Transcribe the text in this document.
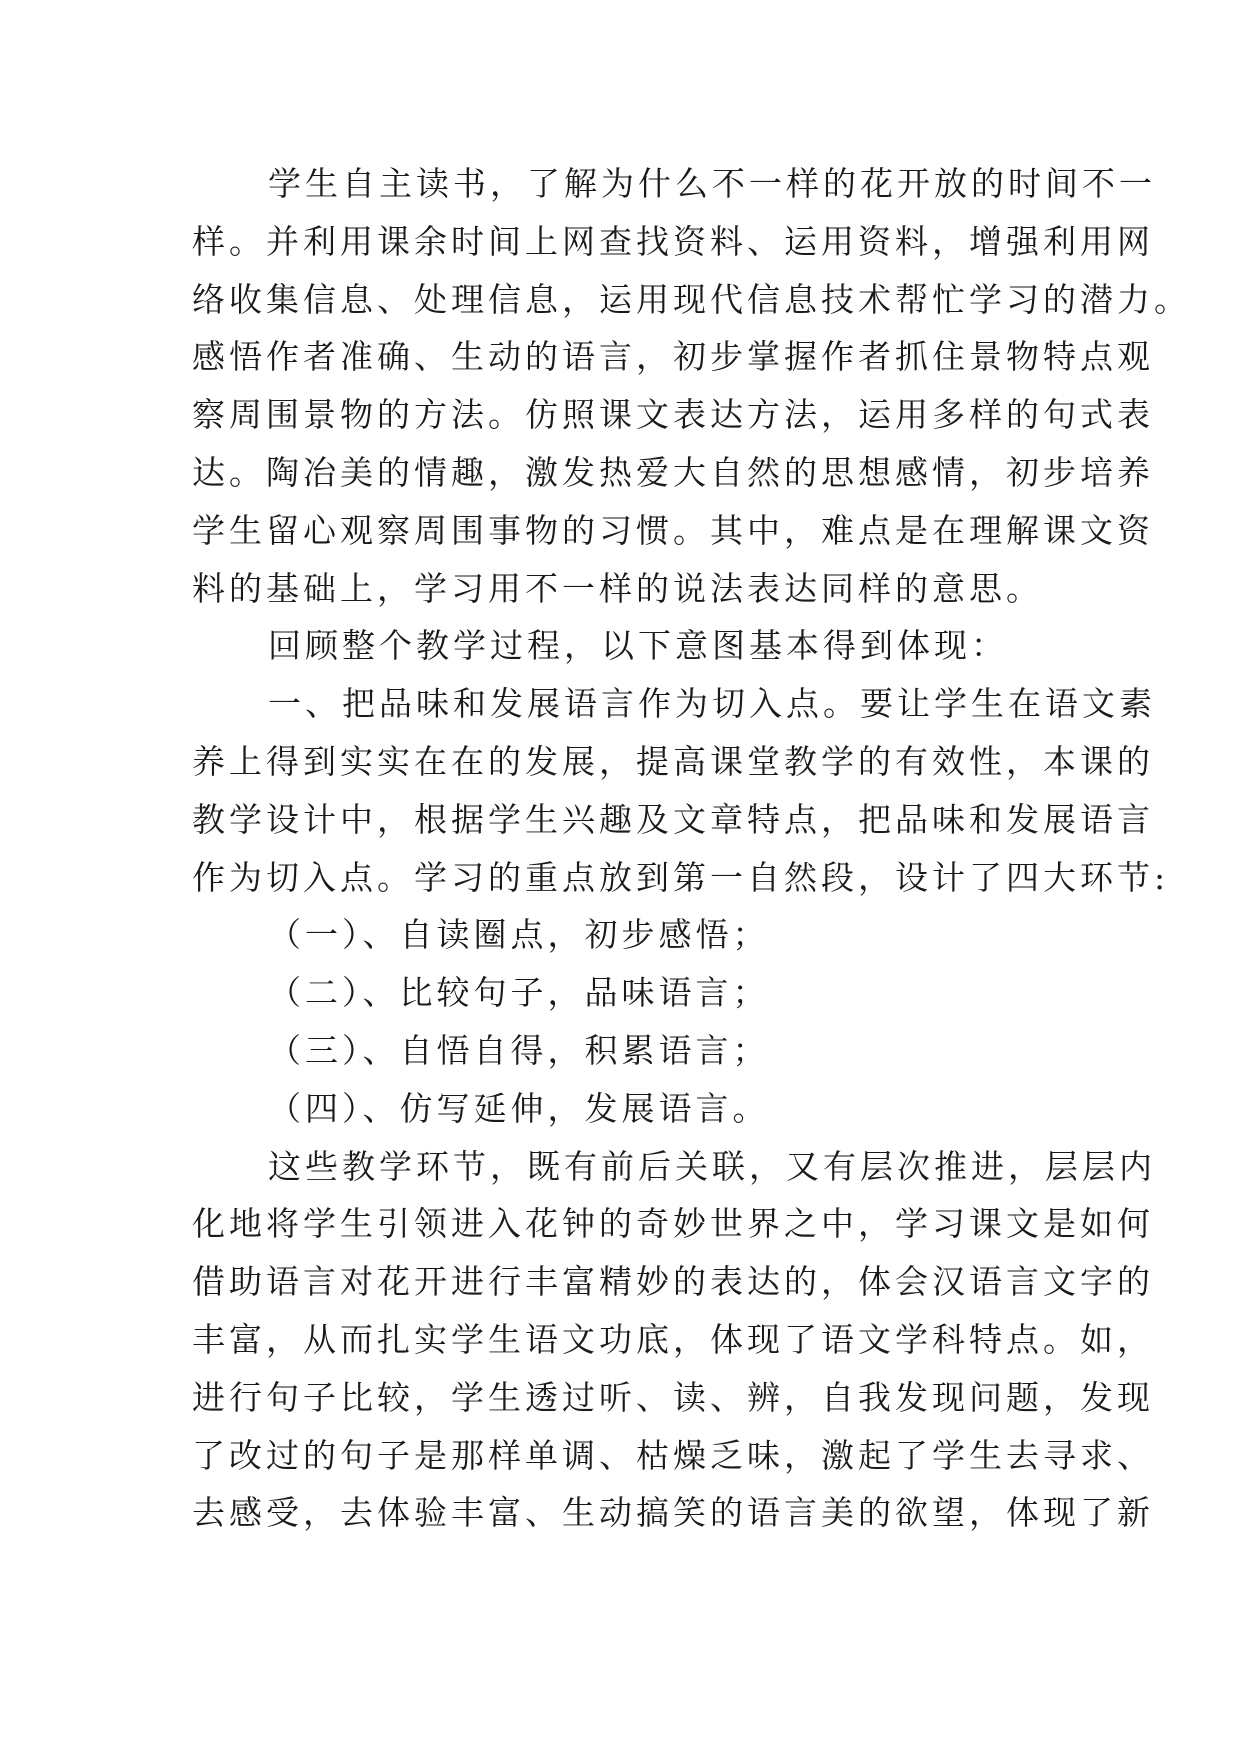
学生自主读书，了解为什么不一样的花开放的时间不一
样。并利用课余时间上网查找资料、运用资料，增强利用网
络收集信息、处理信息，运用现代信息技术帮忙学习的潜力。
感悟作者准确、生动的语言，初步掌握作者抓住景物特点观
察周围景物的方法。仿照课文表达方法，运用多样的句式表
达。陶冶美的情趣，激发热爱大自然的思想感情，初步培养
学生留心观察周围事物的习惯。其中，难点是在理解课文资
料的基础上，学习用不一样的说法表达同样的意思。
回顾整个教学过程，以下意图基本得到体现：
一、把品味和发展语言作为切入点。要让学生在语文素
养上得到实实在在的发展，提高课堂教学的有效性，本课的
教学设计中，根据学生兴趣及文章特点，把品味和发展语言
作为切入点。学习的重点放到第一自然段，设计了四大环节:
（一）、自读圈点，初步感悟；
（二）、比较句子，品味语言；
（三）、自悟自得，积累语言；
（四）、仿写延伸，发展语言。
这些教学环节，既有前后关联，又有层次推进，层层内
化地将学生引领进入花钟的奇妙世界之中，学习课文是如何
借助语言对花开进行丰富精妙的表达的，体会汉语言文字的
丰富，从而扎实学生语文功底，体现了语文学科特点。如，
进行句子比较，学生透过听、读、辨，自我发现问题，发现
了改过的句子是那样单调、枯燥乏味，激起了学生去寻求、
去感受，去体验丰富、生动搞笑的语言美的欲望，体现了新
